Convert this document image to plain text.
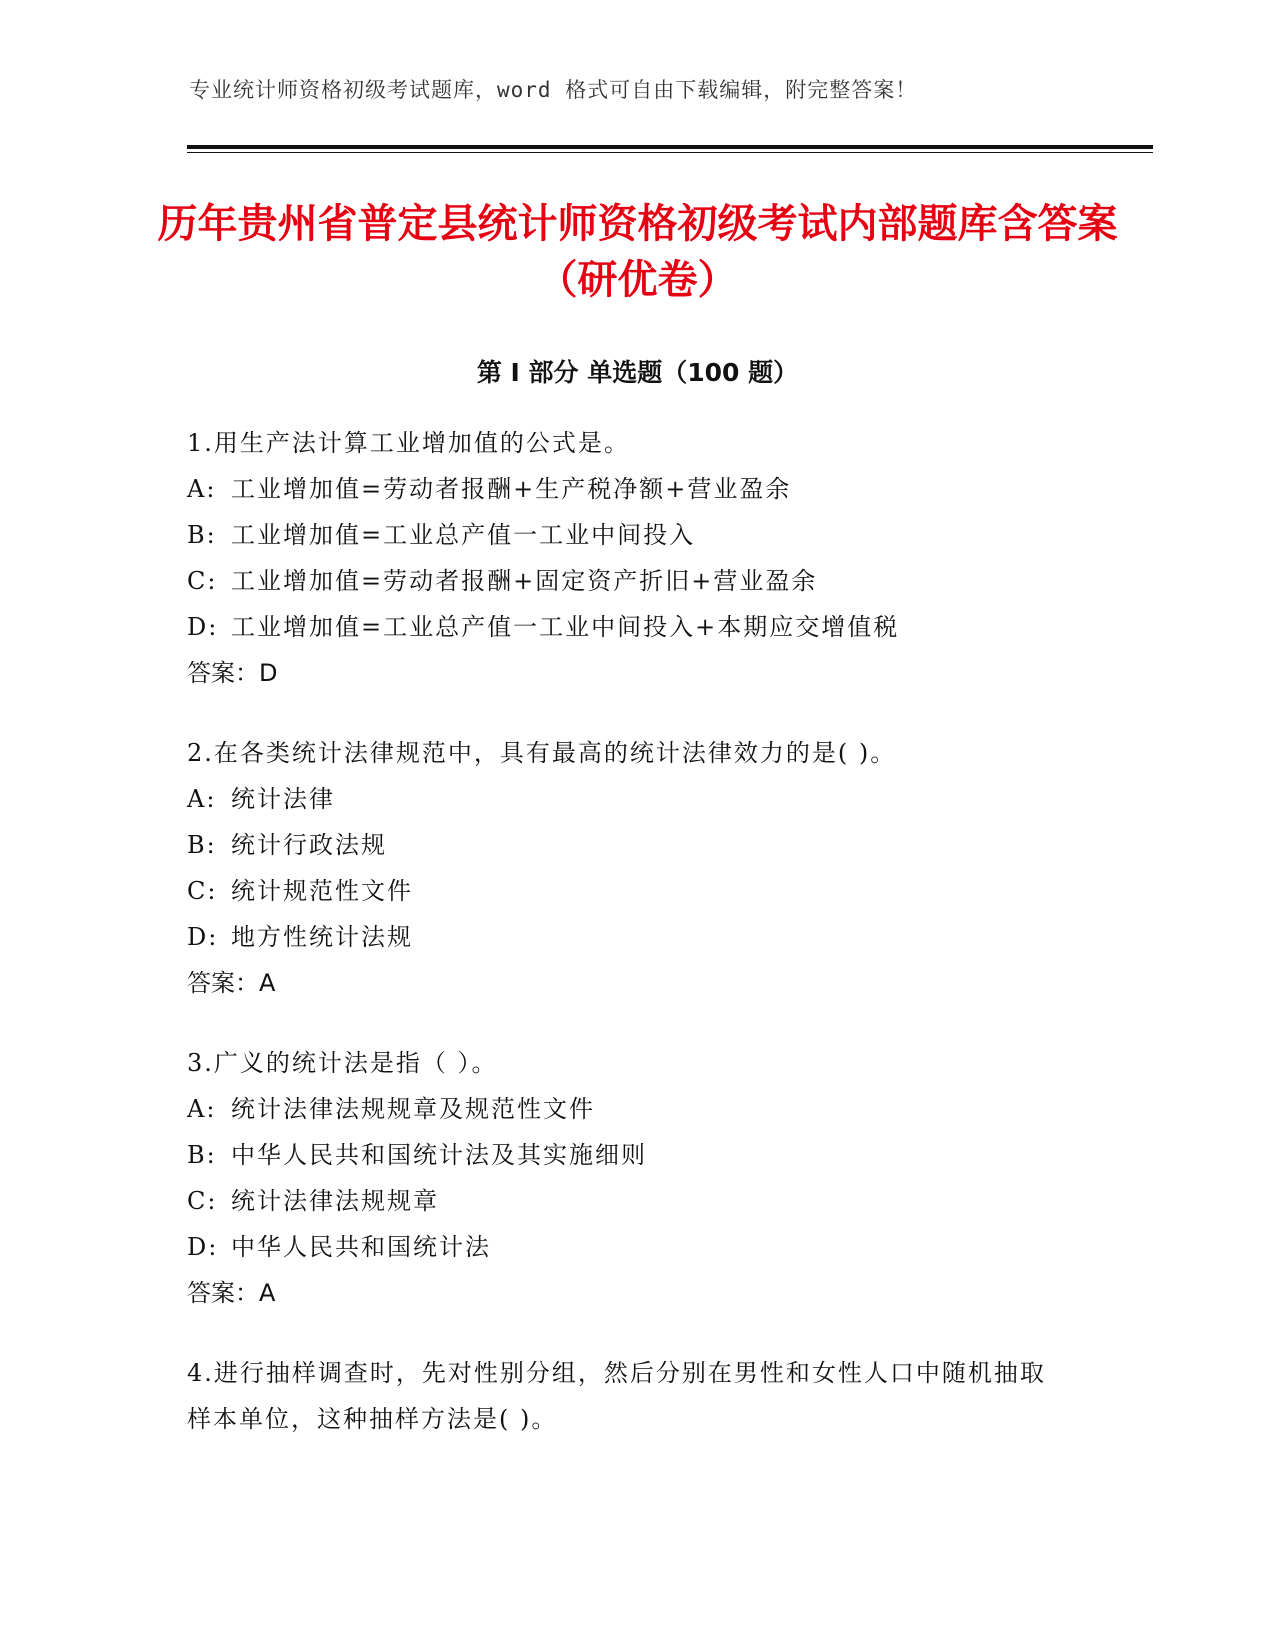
专业统计师资格初级考试题库，word 格式可自由下载编辑，附完整答案！
历年贵州省普定县统计师资格初级考试内部题库含答案（研优卷）
第 I 部分 单选题（100 题）
1.用生产法计算工业增加值的公式是。
A: 工业增加值=劳动者报酬+生产税净额+营业盈余
B: 工业增加值=工业总产值一工业中间投入
C: 工业增加值=劳动者报酬+固定资产折旧+营业盈余
D: 工业增加值=工业总产值一工业中间投入+本期应交增值税
答案：D
2.在各类统计法律规范中，具有最高的统计法律效力的是( )。
A: 统计法律
B: 统计行政法规
C: 统计规范性文件
D: 地方性统计法规
答案：A
3.广义的统计法是指（ ）。
A: 统计法律法规规章及规范性文件
B: 中华人民共和国统计法及其实施细则
C: 统计法律法规规章
D: 中华人民共和国统计法
答案：A
4.进行抽样调查时，先对性别分组，然后分别在男性和女性人口中随机抽取样本单位，这种抽样方法是( )。
